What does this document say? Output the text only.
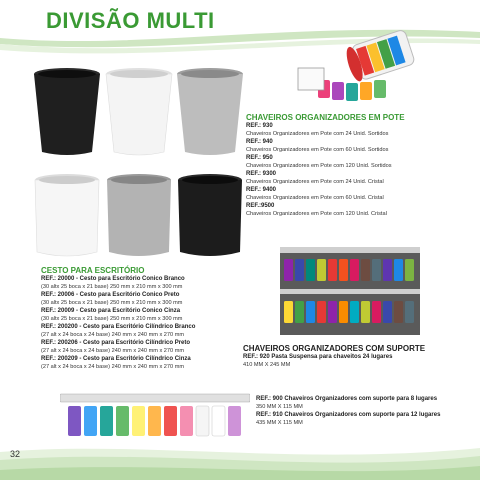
DIVISÃO MULTI
CHAVEIROS ORGANIZADORES EM POTE
REF.: 930
Chaveiros Organizadores em Pote com 24 Unid. Sortidos
REF.: 940
Chaveiros Organizadores em Pote com 60 Unid. Sortidos
REF.: 950
Chaveiros Organizadores em Pote com 120 Unid. Sortidos
REF.: 9300
Chaveiros Organizadores em Pote com 24 Unid. Cristal
REF.: 9400
Chaveiros Organizadores em Pote com 60 Unid. Cristal
REF.:9500
Chaveiros Organizadores em Pote com 120 Unid. Cristal
CESTO PARA ESCRITÓRIO
REF.: 20000 - Cesto para Escritório Conico Branco
(30 altx 25 boca x 21 base) 250 mm x 210 mm x 300 mm
REF.: 20006 - Cesto para Escritório Conico Preto
(30 altx 25 boca x 21 base) 250 mm x 210 mm x 300 mm
REF.: 20009 - Cesto para Escritório Conico Cinza
(30 altx 25 boca x 21 base) 250 mm x 210 mm x 300 mm
REF.: 200200 - Cesto para Escritório Cilíndrico Branco
(27 alt x 24 boca x 24 base) 240 mm x 240 mm x 270 mm
REF.: 200206 - Cesto para Escritório Cilíndrico Preto
(27 alt x 24 boca x 24 base) 240 mm x 240 mm x 270 mm
REF.: 200209 - Cesto para Escritório Cilíndrico Cinza
(27 alt x 24 boca x 24 base) 240 mm x 240 mm x 270 mm
CHAVEIROS ORGANIZADORES COM SUPORTE
REF.: 920 Pasta Suspensa para chaveitos 24 lugares
410 MM X 245 MM
REF.: 900 Chaveiros Organizadores com suporte para 8 lugares
350 MM X 115 MM
REF.: 910 Chaveiros Organizadores com suporte para 12 lugares
435 MM X 115 MM
32
